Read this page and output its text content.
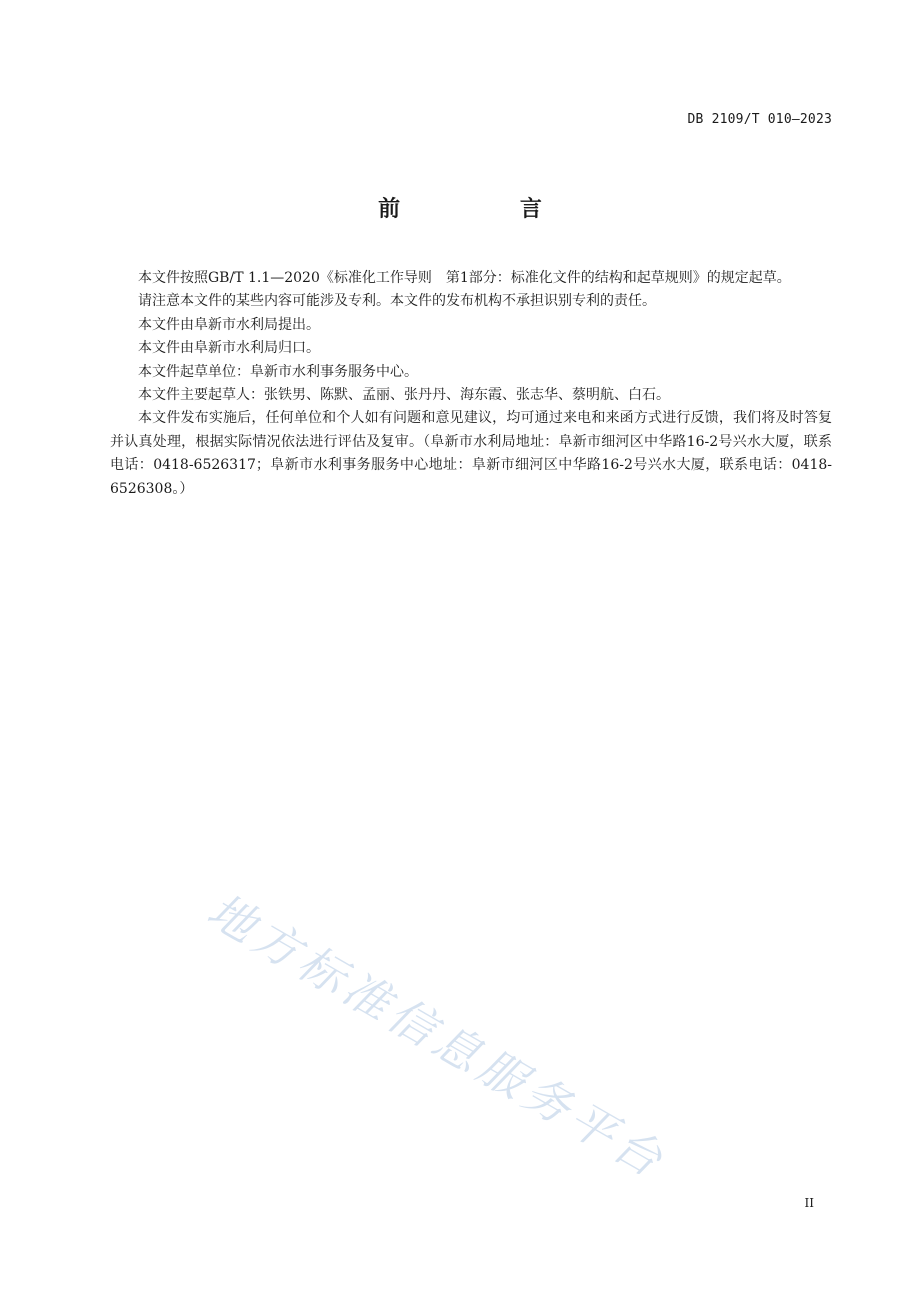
DB 2109/T 010—2023
前 言

本文件按照GB/T 1.1—2020《标准化工作导则　第1部分：标准化文件的结构和起草规则》的规定起草。

请注意本文件的某些内容可能涉及专利。本文件的发布机构不承担识别专利的责任。

本文件由阜新市水利局提出。

本文件由阜新市水利局归口。

本文件起草单位：阜新市水利事务服务中心。

本文件主要起草人：张铁男、陈默、孟丽、张丹丹、海东霞、张志华、蔡明航、白石。

本文件发布实施后，任何单位和个人如有问题和意见建议，均可通过来电和来函方式进行反馈，我们将及时答复并认真处理，根据实际情况依法进行评估及复审。（阜新市水利局地址：阜新市细河区中华路16-2号兴水大厦，联系电话：0418-6526317；阜新市水利事务服务中心地址：阜新市细河区中华路16-2号兴水大厦，联系电话：0418-6526308。）

地方标准信息服务平台
II
